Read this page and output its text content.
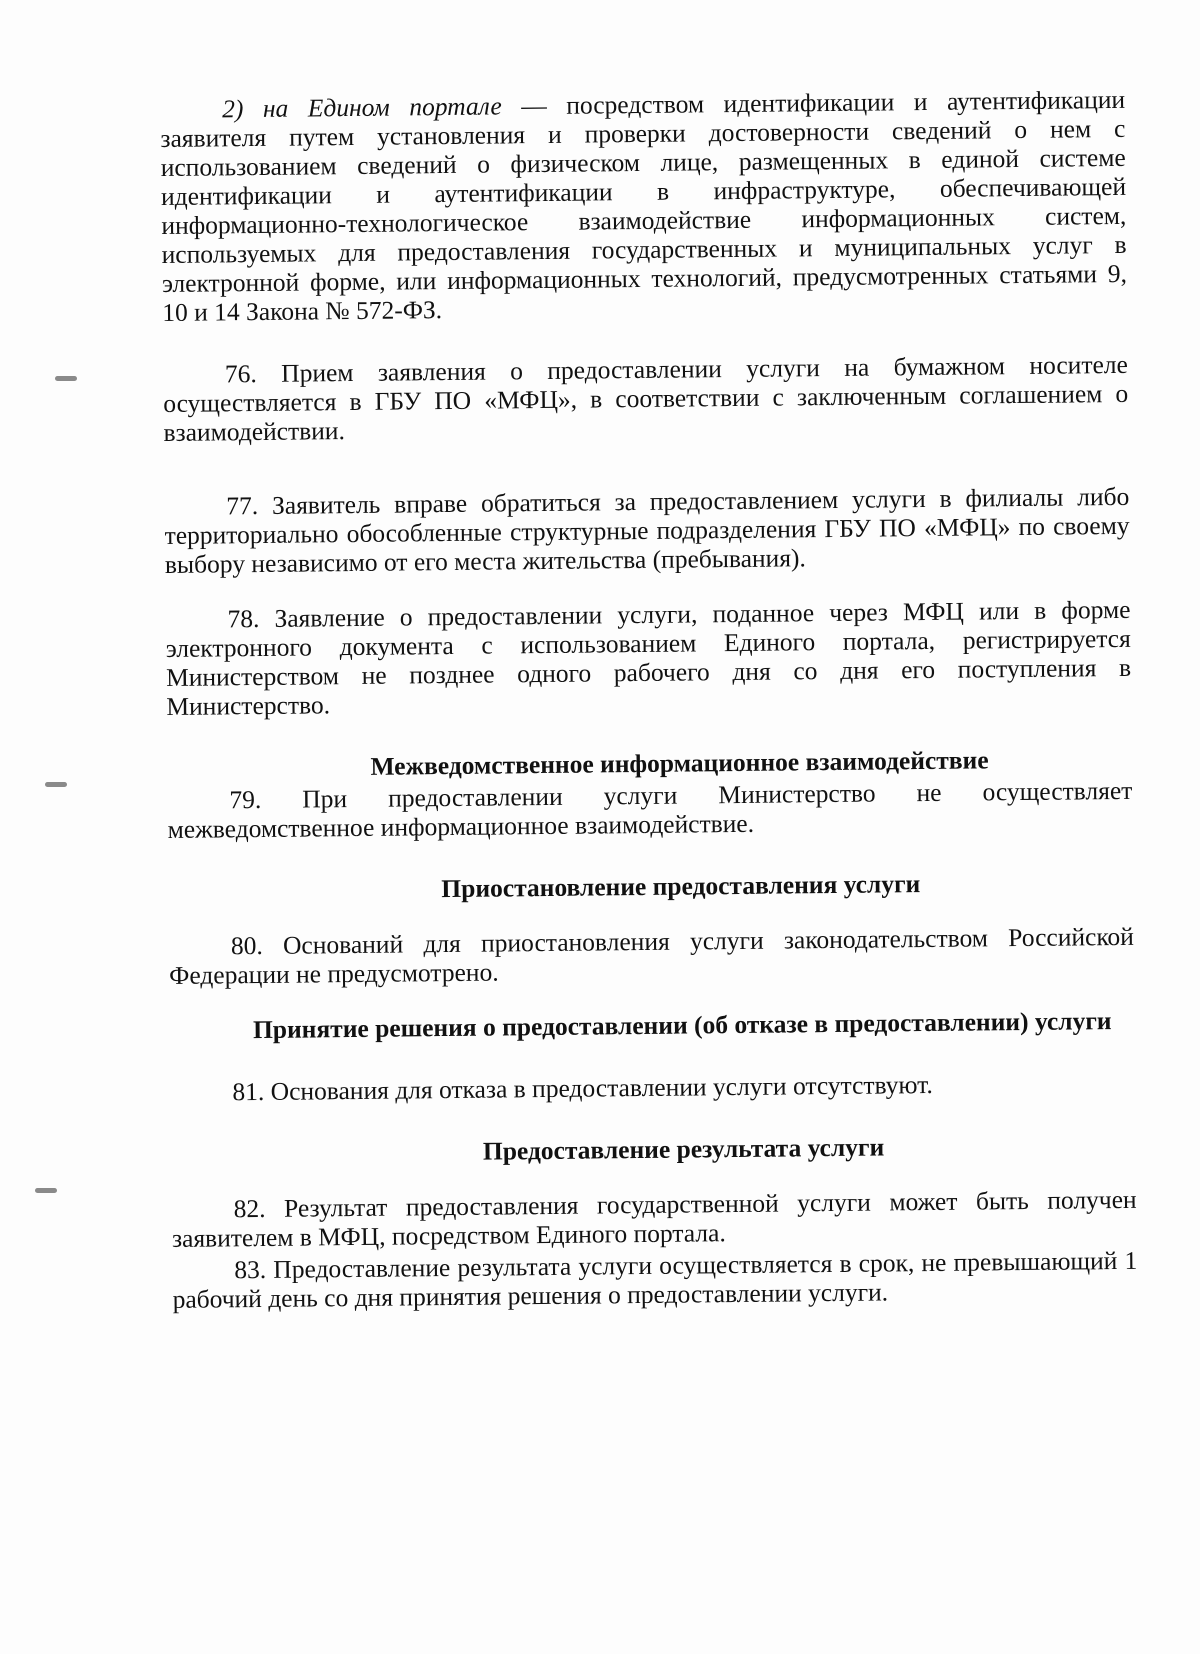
2) на Едином портале — посредством идентификации и аутентификации заявителя путем установления и проверки достоверности сведений о нем с использованием сведений о физическом лице, размещенных в единой системе идентификации и аутентификации в инфраструктуре, обеспечивающей информационно-технологическое взаимодействие информационных систем, используемых для предоставления государственных и муниципальных услуг в электронной форме, или информационных технологий, предусмотренных статьями 9, 10 и 14 Закона № 572-ФЗ.

76. Прием заявления о предоставлении услуги на бумажном носителе осуществляется в ГБУ ПО «МФЦ», в соответствии с заключенным соглашением о взаимодействии.

77. Заявитель вправе обратиться за предоставлением услуги в филиалы либо территориально обособленные структурные подразделения ГБУ ПО «МФЦ» по своему выбору независимо от его места жительства (пребывания).

78. Заявление о предоставлении услуги, поданное через МФЦ или в форме электронного документа с использованием Единого портала, регистрируется Министерством не позднее одного рабочего дня со дня его поступления в Министерство.

Межведомственное информационное взаимодействие

79. При предоставлении услуги Министерство не осуществляет межведомственное информационное взаимодействие.

Приостановление предоставления услуги

80. Оснований для приостановления услуги законодательством Российской Федерации не предусмотрено.

Принятие решения о предоставлении (об отказе в предоставлении) услуги

81. Основания для отказа в предоставлении услуги отсутствуют.

Предоставление результата услуги

82. Результат предоставления государственной услуги может быть получен заявителем в МФЦ, посредством Единого портала.

83. Предоставление результата услуги осуществляется в срок, не превышающий 1 рабочий день со дня принятия решения о предоставлении услуги.
